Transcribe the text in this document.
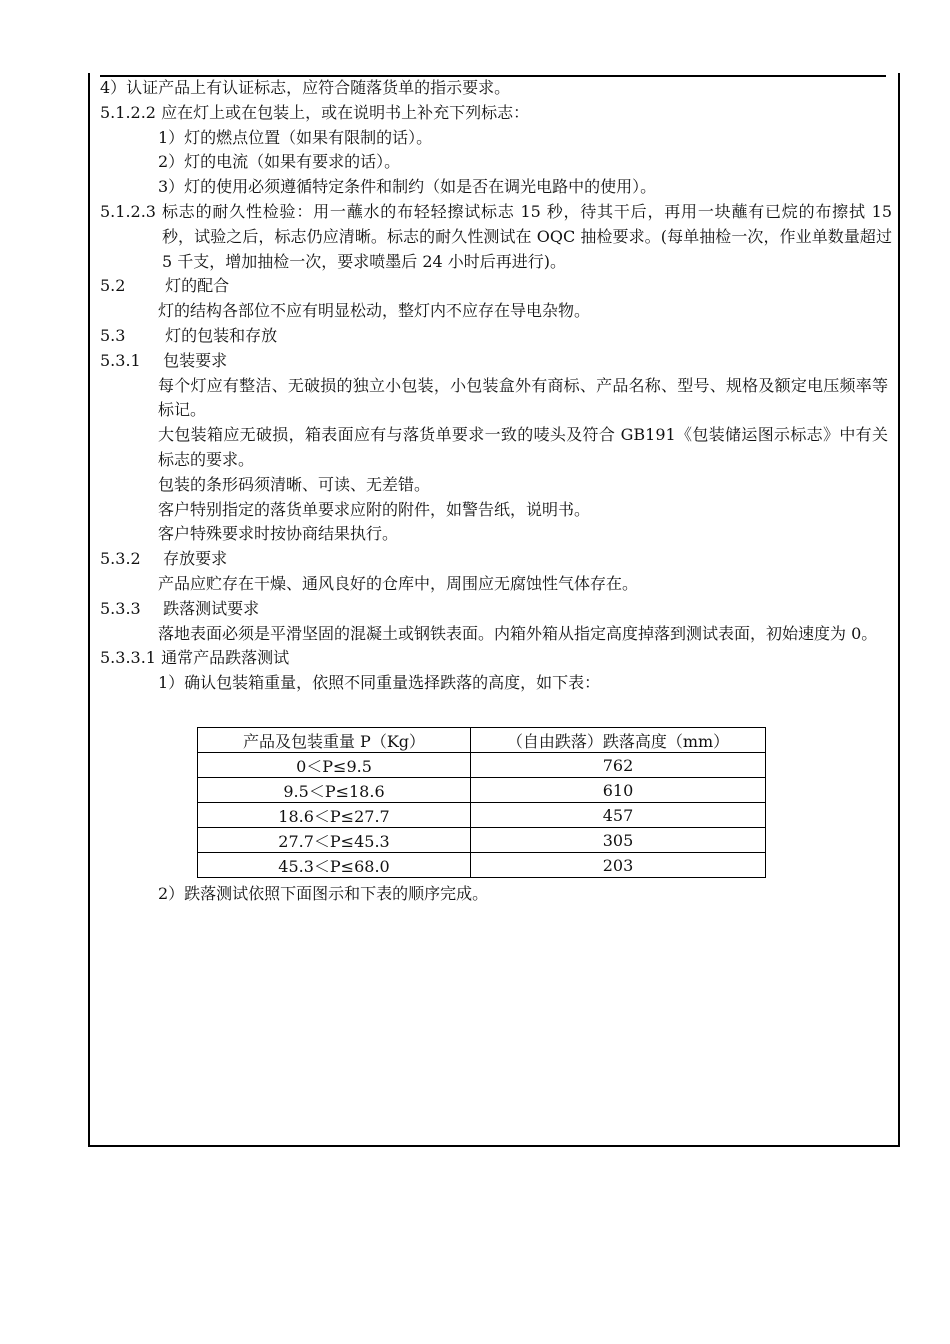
4）认证产品上有认证标志，应符合随落货单的指示要求。
5.1.2.2 应在灯上或在包装上，或在说明书上补充下列标志：
1）灯的燃点位置（如果有限制的话）。
2）灯的电流（如果有要求的话）。
3）灯的使用必须遵循特定条件和制约（如是否在调光电路中的使用）。
5.1.2.3 标志的耐久性检验：用一蘸水的布轻轻擦试标志 15 秒，待其干后，再用一块蘸有已烷的布擦拭 15 秒，试验之后，标志仍应清晰。标志的耐久性测试在 OQC 抽检要求。(每单抽检一次，作业单数量超过 5 千支，增加抽检一次，要求喷墨后 24 小时后再进行)。
5.2 灯的配合
灯的结构各部位不应有明显松动，整灯内不应存在导电杂物。
5.3 灯的包装和存放
5.3.1 包装要求
每个灯应有整洁、无破损的独立小包装，小包装盒外有商标、产品名称、型号、规格及额定电压频率等标记。
大包装箱应无破损，箱表面应有与落货单要求一致的唛头及符合 GB191《包装储运图示标志》中有关标志的要求。
包装的条形码须清晰、可读、无差错。
客户特别指定的落货单要求应附的附件，如警告纸，说明书。
客户特殊要求时按协商结果执行。
5.3.2 存放要求
产品应贮存在干燥、通风良好的仓库中，周围应无腐蚀性气体存在。
5.3.3 跌落测试要求
落地表面必须是平滑坚固的混凝土或钢铁表面。内箱外箱从指定高度掉落到测试表面，初始速度为 0。
5.3.3.1 通常产品跌落测试
1）确认包装箱重量，依照不同重量选择跌落的高度，如下表：
产品及包装重量 P（Kg）	（自由跌落）跌落高度（mm）
0＜P≤9.5	762
9.5＜P≤18.6	610
18.6＜P≤27.7	457
27.7＜P≤45.3	305
45.3＜P≤68.0	203
2）跌落测试依照下面图示和下表的顺序完成。
